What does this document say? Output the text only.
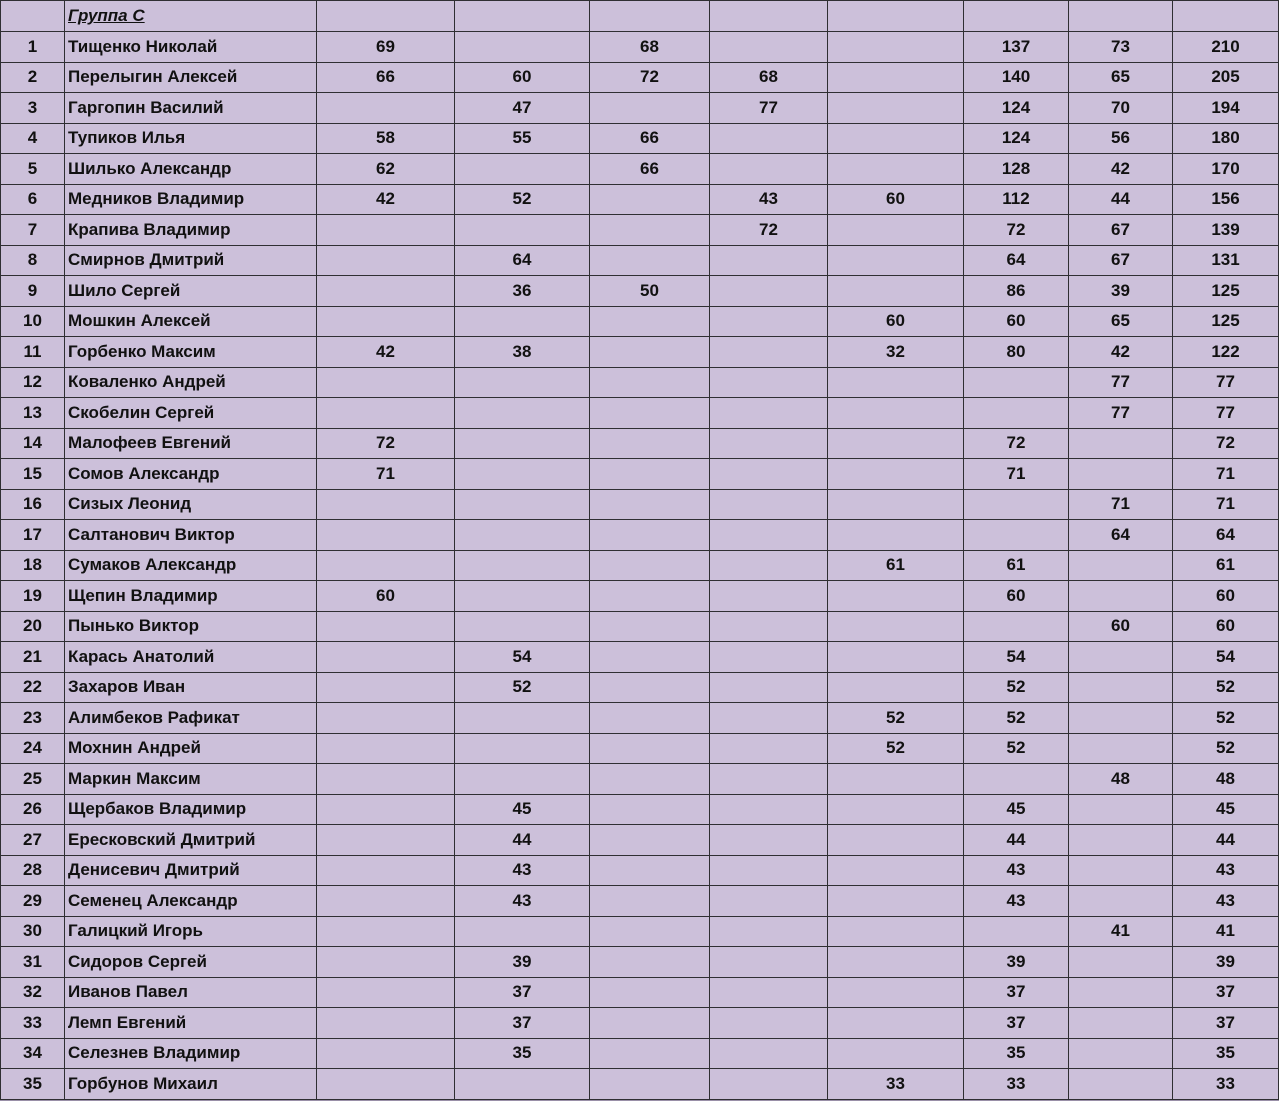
	Группа С								
1	Тищенко Николай	69		68			137	73	210
2	Перелыгин Алексей	66	60	72	68		140	65	205
3	Гаргопин Василий		47		77		124	70	194
4	Тупиков Илья	58	55	66			124	56	180
5	Шилько Александр	62		66			128	42	170
6	Медников Владимир	42	52		43	60	112	44	156
7	Крапива Владимир				72		72	67	139
8	Смирнов Дмитрий		64				64	67	131
9	Шило Сергей		36	50			86	39	125
10	Мошкин Алексей					60	60	65	125
11	Горбенко Максим	42	38			32	80	42	122
12	Коваленко Андрей							77	77
13	Скобелин Сергей							77	77
14	Малофеев Евгений	72					72		72
15	Сомов Александр	71					71		71
16	Сизых Леонид							71	71
17	Салтанович Виктор							64	64
18	Сумаков Александр					61	61		61
19	Щепин Владимир	60					60		60
20	Пынько Виктор							60	60
21	Карась Анатолий		54				54		54
22	Захаров Иван		52				52		52
23	Алимбеков Рафикат					52	52		52
24	Мохнин Андрей					52	52		52
25	Маркин Максим							48	48
26	Щербаков Владимир		45				45		45
27	Ересковский Дмитрий		44				44		44
28	Денисевич Дмитрий		43				43		43
29	Семенец Александр		43				43		43
30	Галицкий Игорь							41	41
31	Сидоров Сергей		39				39		39
32	Иванов Павел		37				37		37
33	Лемп Евгений		37				37		37
34	Селезнев Владимир		35				35		35
35	Горбунов Михаил					33	33		33
